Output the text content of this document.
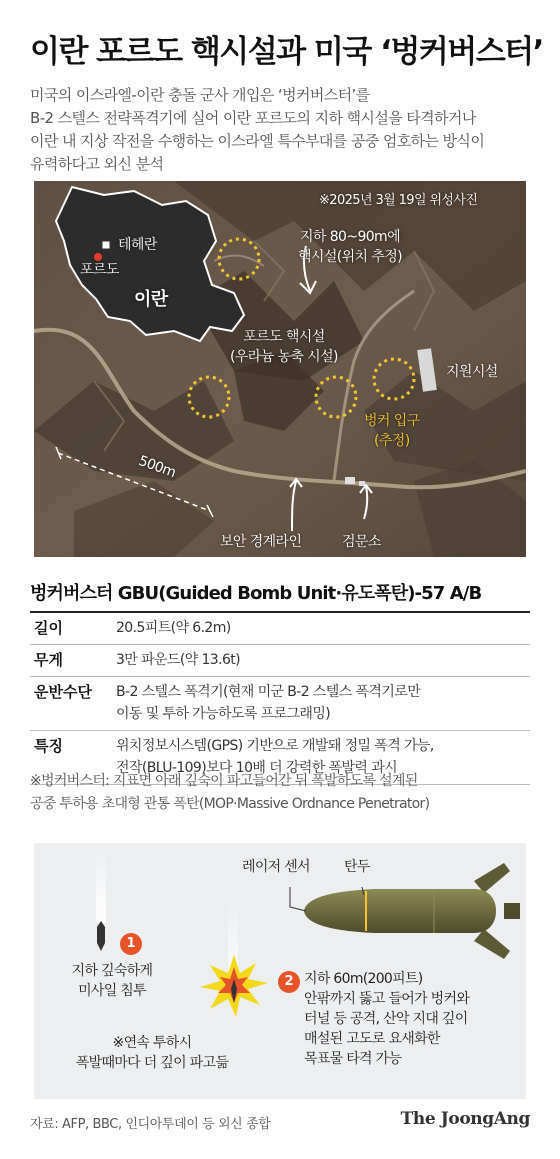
이란 포르도 핵시설과 미국 ‘벙커버스터’
미국의 이스라엘-이란 충돌 군사 개입은 ‘벙커버스터’를
B-2 스텔스 전략폭격기에 실어 이란 포르도의 지하 핵시설을 타격하거나
이란 내 지상 작전을 수행하는 이스라엘 특수부대를 공중 엄호하는 방식이
유력하다고 외신 분석
※2025년 3월 19일 위성사진
테헤란
포르도
이란
지하 80~90m에
핵시설(위치 추정)
포르도 핵시설
(우라늄 농축 시설)
지원시설
벙커 입구
(추정)
500m
보안 경계라인	검문소
벙커버스터 GBU(Guided Bomb Unit·유도폭탄)-57 A/B
길이	20.5피트(약 6.2m)
무게	3만 파운드(약 13.6t)
운반수단	B-2 스텔스 폭격기(현재 미군 B-2 스텔스 폭격기로만
이동 및 투하 가능하도록 프로그래밍)
특징	위치정보시스템(GPS) 기반으로 개발돼 정밀 폭격 가능,
전작(BLU-109)보다 10배 더 강력한 폭발력 과시
※벙커버스터: 지표면 아래 깊숙이 파고들어간 뒤 폭발하도록 설계된
공중 투하용 초대형 관통 폭탄(MOP·Massive Ordnance Penetrator)
레이저 센서 탄두
1
지하 깊숙하게
미사일 침투
2 지하 60m(200피트)
안팎까지 뚫고 들어가 벙커와
터널 등 공격, 산악 지대 깊이
매설된 고도로 요새화한
목표물 타격 가능
※연속 투하시
폭발때마다 더 깊이 파고듦
자료: AFP, BBC, 인디아투데이 등 외신 종합	The JoongAng
